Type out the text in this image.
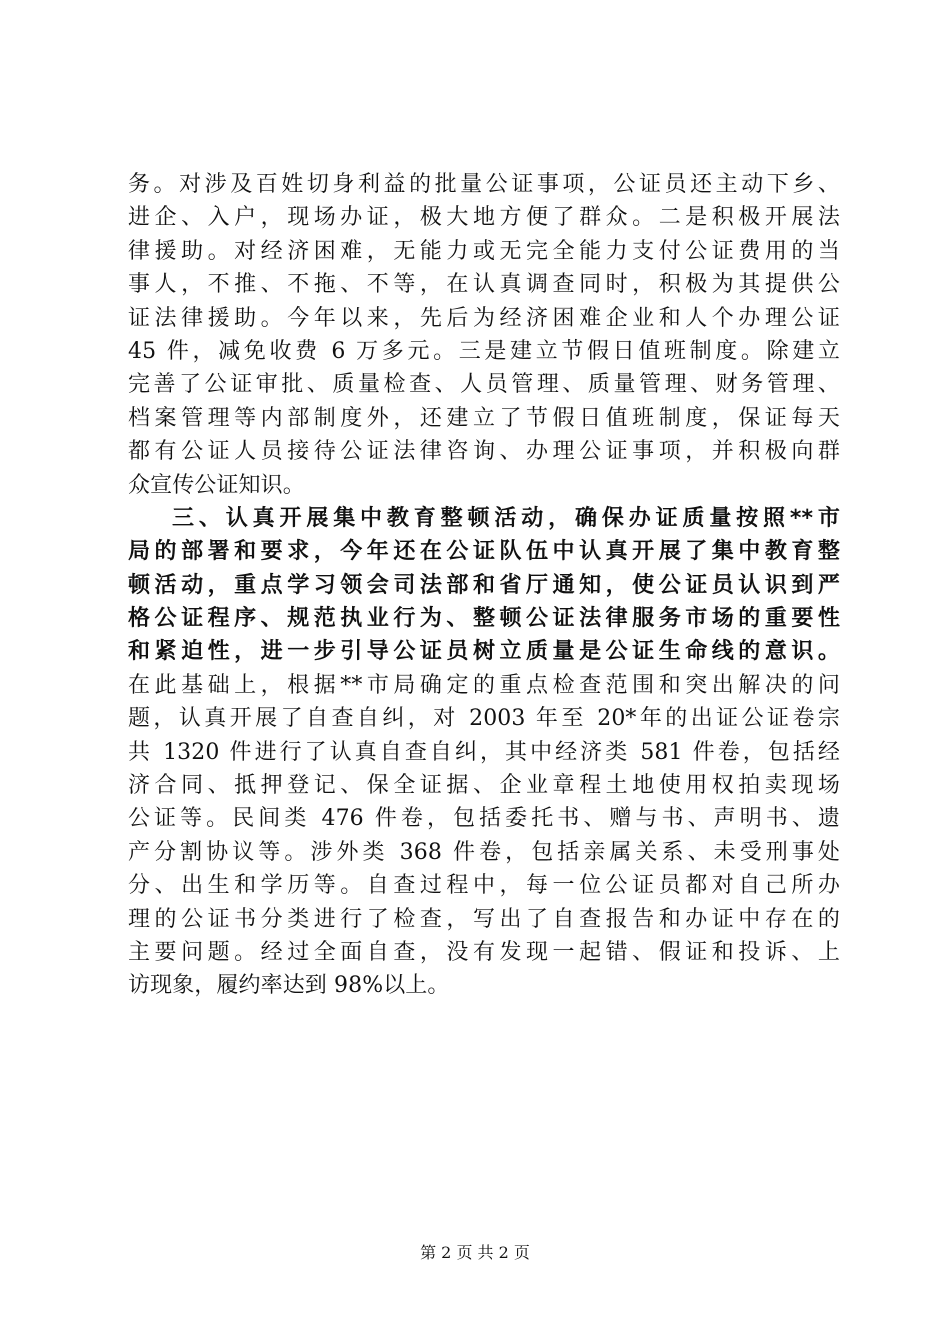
务。对涉及百姓切身利益的批量公证事项，公证员还主动下乡、
进企、入户，现场办证，极大地方便了群众。二是积极开展法
律援助。对经济困难，无能力或无完全能力支付公证费用的当
事人，不推、不拖、不等，在认真调查同时，积极为其提供公
证法律援助。今年以来，先后为经济困难企业和人个办理公证
45 件，减免收费 6 万多元。三是建立节假日值班制度。除建立
完善了公证审批、质量检查、人员管理、质量管理、财务管理、
档案管理等内部制度外，还建立了节假日值班制度，保证每天
都有公证人员接待公证法律咨询、办理公证事项，并积极向群
众宣传公证知识。
三、认真开展集中教育整顿活动，确保办证质量按照**市
局的部署和要求，今年还在公证队伍中认真开展了集中教育整
顿活动，重点学习领会司法部和省厅通知，使公证员认识到严
格公证程序、规范执业行为、整顿公证法律服务市场的重要性
和紧迫性，进一步引导公证员树立质量是公证生命线的意识。
在此基础上，根据**市局确定的重点检查范围和突出解决的问
题，认真开展了自查自纠，对 2003 年至 20*年的出证公证卷宗
共 1320 件进行了认真自查自纠，其中经济类 581 件卷，包括经
济合同、抵押登记、保全证据、企业章程土地使用权拍卖现场
公证等。民间类 476 件卷，包括委托书、赠与书、声明书、遗
产分割协议等。涉外类 368 件卷，包括亲属关系、未受刑事处
分、出生和学历等。自查过程中，每一位公证员都对自己所办
理的公证书分类进行了检查，写出了自查报告和办证中存在的
主要问题。经过全面自查，没有发现一起错、假证和投诉、上
访现象，履约率达到 98%以上。
第 2 页 共 2 页
